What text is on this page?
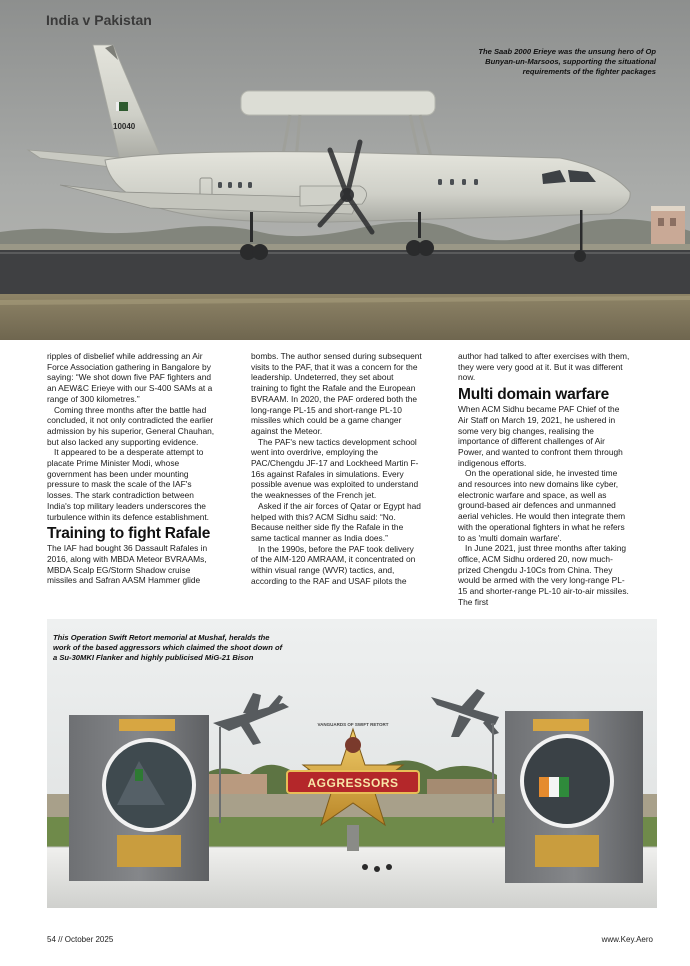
India v Pakistan
The Saab 2000 Erieye was the unsung hero of Op Bunyan-un-Marsoos, supporting the situational requirements of the fighter packages
10040

ripples of disbelief while addressing an Air Force Association gathering in Bangalore by saying: “We shot down five PAF fighters and an AEW&C Erieye with our S-400 SAMs at a range of 300 kilometres.”

Coming three months after the battle had concluded, it not only contradicted the earlier admission by his superior, General Chauhan, but also lacked any supporting evidence.

It appeared to be a desperate attempt to placate Prime Minister Modi, whose government has been under mounting pressure to mask the scale of the IAF's losses. The stark contradiction between India's top military leaders underscores the turbulence within its defence establishment.

Training to fight Rafale

The IAF had bought 36 Dassault Rafales in 2016, along with MBDA Meteor BVRAAMs, MBDA Scalp EG/Storm Shadow cruise missiles and Safran AASM Hammer glide

bombs. The author sensed during subsequent visits to the PAF, that it was a concern for the leadership. Undeterred, they set about training to fight the Rafale and the European BVRAAM. In 2020, the PAF ordered both the long-range PL-15 and short-range PL-10 missiles which could be a game changer against the Meteor.

The PAF's new tactics development school went into overdrive, employing the PAC/Chengdu JF-17 and Lockheed Martin F-16s against Rafales in simulations. Every possible avenue was exploited to understand the weaknesses of the French jet.

Asked if the air forces of Qatar or Egypt had helped with this? ACM Sidhu said: “No. Because neither side fly the Rafale in the same tactical manner as India does.”

In the 1990s, before the PAF took delivery of the AIM-120 AMRAAM, it concentrated on within visual range (WVR) tactics, and, according to the RAF and USAF pilots the

author had talked to after exercises with them, they were very good at it. But it was different now.

Multi domain warfare

When ACM Sidhu became PAF Chief of the Air Staff on March 19, 2021, he ushered in some very big changes, realising the importance of different challenges of Air Power, and wanted to confront them through indigenous efforts.

On the operational side, he invested time and resources into new domains like cyber, electronic warfare and space, as well as ground-based air defences and unmanned aerial vehicles. He would then integrate them with the operational fighters in what he refers to as 'multi domain warfare'.

In June 2021, just three months after taking office, ACM Sidhu ordered 20, now much-prized Chengdu J-10Cs from China. They would be armed with the very long-range PL-15 and shorter-range PL-10 air-to-air missiles. The first

This Operation Swift Retort memorial at Mushaf, heralds the work of the based aggressors which claimed the shoot down of a Su-30MKI Flanker and highly publicised MiG-21 Bison
AGGRESSORS
VANGUARDS OF SWIFT RETORT
54 // October 2025	www.Key.Aero
